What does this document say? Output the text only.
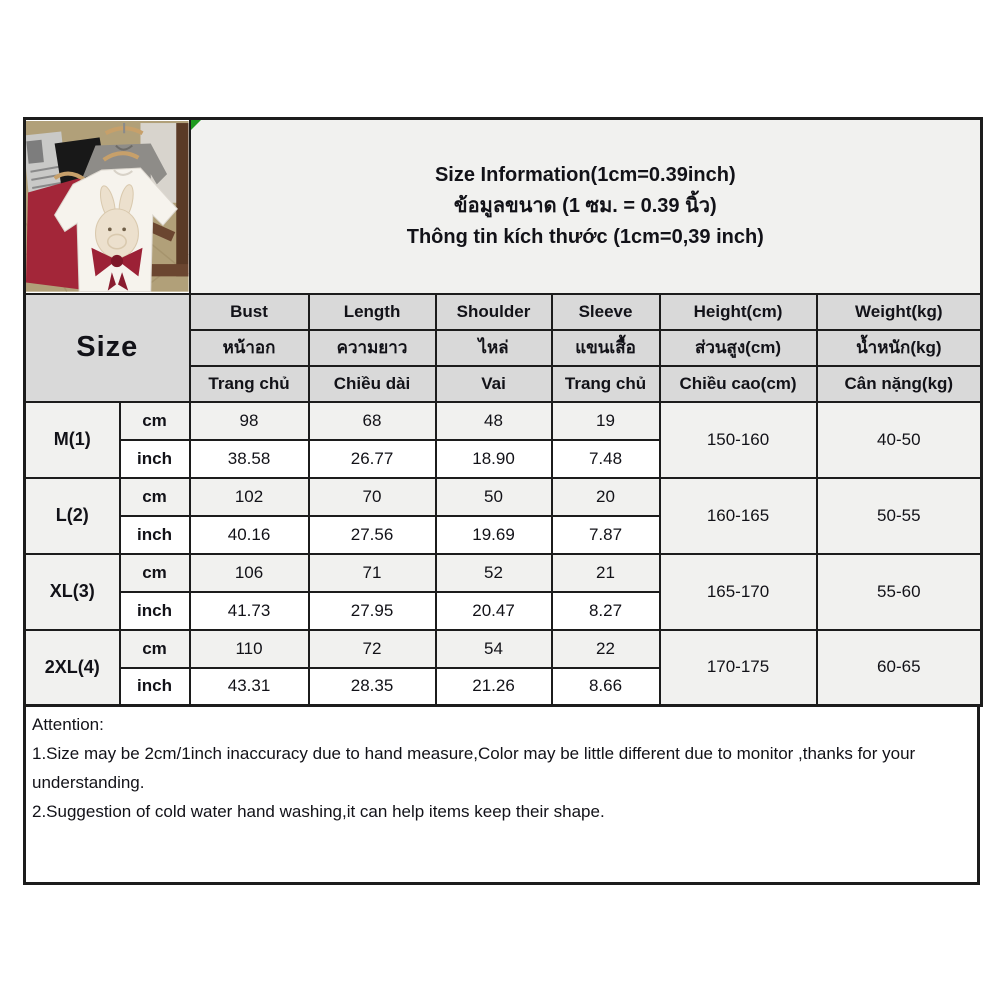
Size Information(1cm=0.39inch)
ข้อมูลขนาด (1 ซม. = 0.39 นิ้ว)
Thông tin kích thước (1cm=0,39 inch)					

Size		Bust	Length	Shoulder	Sleeve	Height(cm)	Weight(kg)
		หน้าอก	ความยาว	ไหล่	แขนเสื้อ	ส่วนสูง(cm)	น้ำหนัก(kg)
		Trang chủ	Chiều dài	Vai	Trang chủ	Chiều cao(cm)	Cân nặng(kg)
M(1)	cm	98	68	48	19	150-160	40-50
	inch	38.58	26.77	18.90	7.48		
L(2)	cm	102	70	50	20	160-165	50-55
	inch	40.16	27.56	19.69	7.87		
XL(3)	cm	106	71	52	21	165-170	55-60
	inch	41.73	27.95	20.47	8.27		
2XL(4)	cm	110	72	54	22	170-175	60-65
	inch	43.31	28.35	21.26	8.66		
Attention:
1.Size may be 2cm/1inch inaccuracy due to hand measure,Color may be little different due to monitor ,thanks for your understanding.
2.Suggestion of cold water hand washing,it can help items keep their shape.
